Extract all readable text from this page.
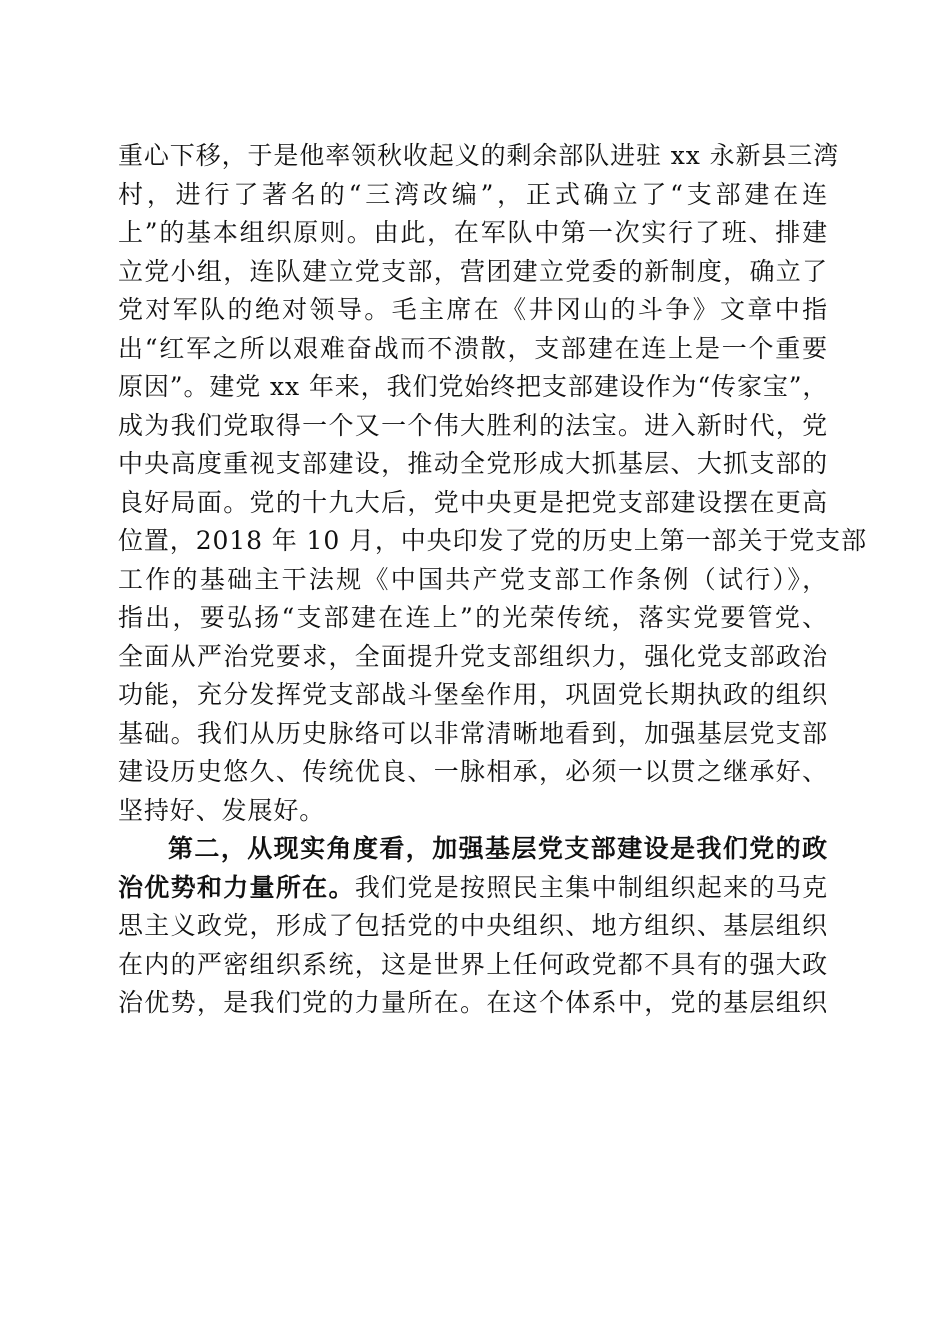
重心下移，于是他率领秋收起义的剩余部队进驻 xx 永新县三湾
村，进行了著名的“三湾改编”，正式确立了“支部建在连
上”的基本组织原则。由此，在军队中第一次实行了班、排建
立党小组，连队建立党支部，营团建立党委的新制度，确立了
党对军队的绝对领导。毛主席在《井冈山的斗争》文章中指
出“红军之所以艰难奋战而不溃散，支部建在连上是一个重要
原因”。建党 xx 年来，我们党始终把支部建设作为“传家宝”，
成为我们党取得一个又一个伟大胜利的法宝。进入新时代，党
中央高度重视支部建设，推动全党形成大抓基层、大抓支部的
良好局面。党的十九大后，党中央更是把党支部建设摆在更高
位置，2018 年 10 月，中央印发了党的历史上第一部关于党支部
工作的基础主干法规《中国共产党支部工作条例（试行）》，
指出，要弘扬“支部建在连上”的光荣传统，落实党要管党、
全面从严治党要求，全面提升党支部组织力，强化党支部政治
功能，充分发挥党支部战斗堡垒作用，巩固党长期执政的组织
基础。我们从历史脉络可以非常清晰地看到，加强基层党支部
建设历史悠久、传统优良、一脉相承，必须一以贯之继承好、
坚持好、发展好。
第二，从现实角度看，加强基层党支部建设是我们党的政
治优势和力量所在。我们党是按照民主集中制组织起来的马克
思主义政党，形成了包括党的中央组织、地方组织、基层组织
在内的严密组织系统，这是世界上任何政党都不具有的强大政
治优势，是我们党的力量所在。在这个体系中，党的基层组织
